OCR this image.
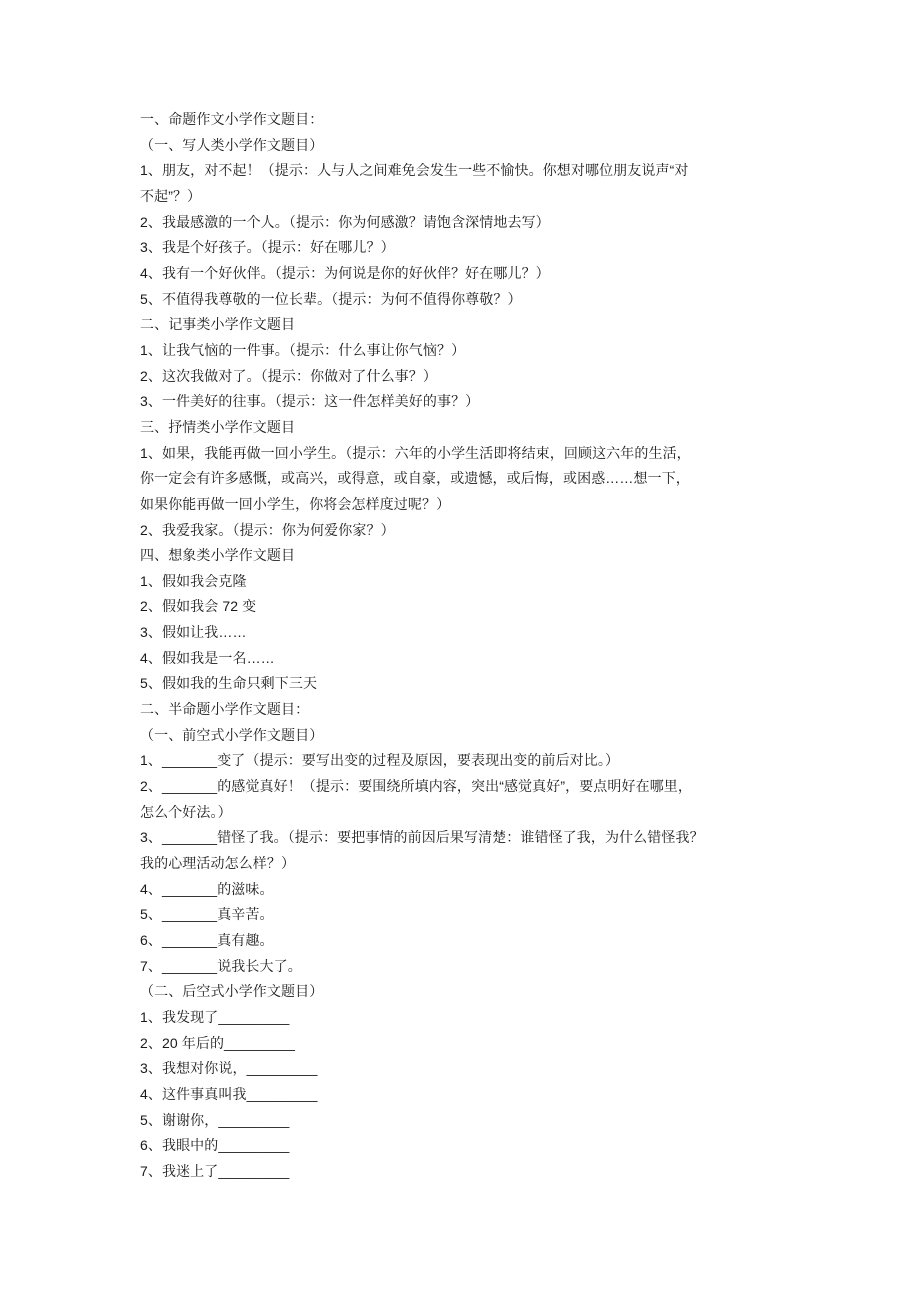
一、命题作文小学作文题目：
（一、写人类小学作文题目）
1、朋友，对不起！（提示：人与人之间难免会发生一些不愉快。你想对哪位朋友说声“对
不起”？）
2、我最感激的一个人。（提示：你为何感激？请饱含深情地去写）
3、我是个好孩子。（提示：好在哪儿？）
4、我有一个好伙伴。（提示：为何说是你的好伙伴？好在哪儿？）
5、不值得我尊敬的一位长辈。（提示：为何不值得你尊敬？）
二、记事类小学作文题目
1、让我气恼的一件事。（提示：什么事让你气恼？）
2、这次我做对了。（提示：你做对了什么事？）
3、一件美好的往事。（提示：这一件怎样美好的事？）
三、抒情类小学作文题目
1、如果，我能再做一回小学生。（提示：六年的小学生活即将结束，回顾这六年的生活，
你一定会有许多感慨，或高兴，或得意，或自豪，或遗憾，或后悔，或困惑……想一下，
如果你能再做一回小学生，你将会怎样度过呢？）
2、我爱我家。（提示：你为何爱你家？）
四、想象类小学作文题目
1、假如我会克隆
2、假如我会 72 变
3、假如让我……
4、假如我是一名……
5、假如我的生命只剩下三天
二、半命题小学作文题目：
（一、前空式小学作文题目）
1、_______变了（提示：要写出变的过程及原因，要表现出变的前后对比。）
2、_______的感觉真好！（提示：要围绕所填内容，突出“感觉真好”，要点明好在哪里，
怎么个好法。）
3、_______错怪了我。（提示：要把事情的前因后果写清楚：谁错怪了我，为什么错怪我？
我的心理活动怎么样？）
4、_______的滋味。
5、_______真辛苦。
6、_______真有趣。
7、_______说我长大了。
（二、后空式小学作文题目）
1、我发现了_________
2、20 年后的_________
3、我想对你说，_________
4、这件事真叫我_________
5、谢谢你，_________
6、我眼中的_________
7、我迷上了_________
